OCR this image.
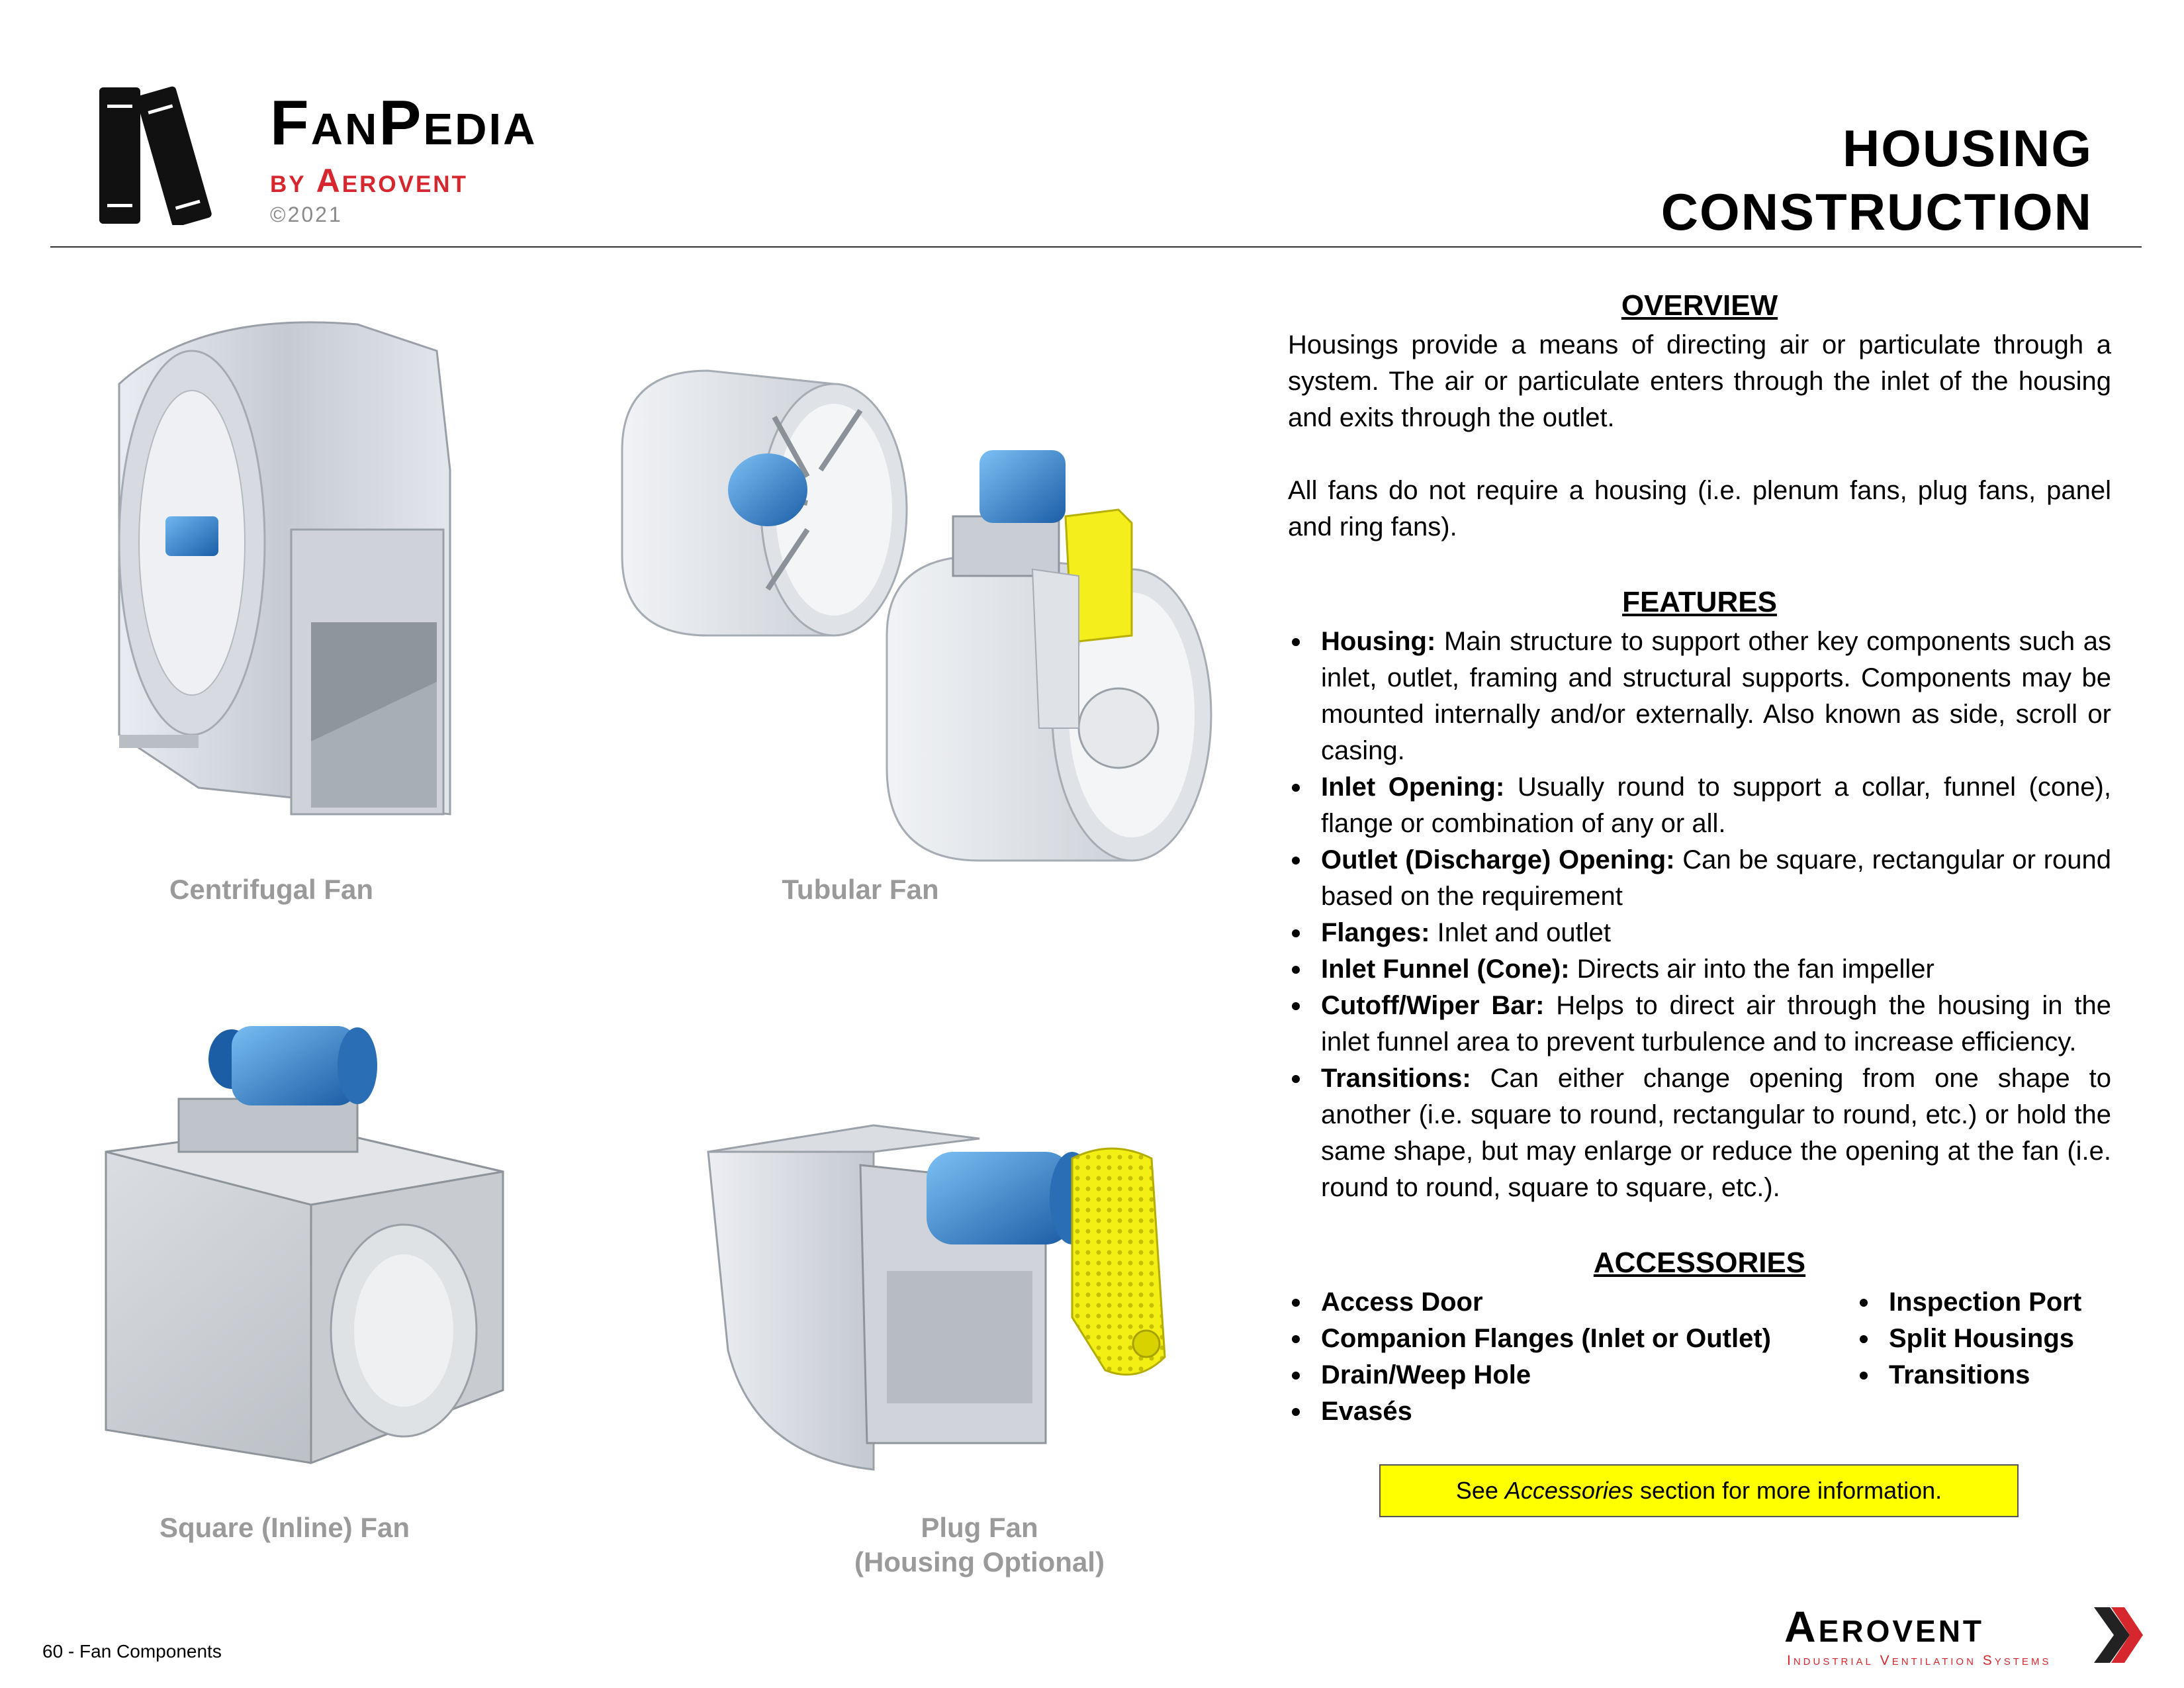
FanPedia
by Aerovent
©2021
HOUSING
CONSTRUCTION
Centrifugal Fan	Tubular Fan
Square (Inline) Fan	Plug Fan
(Housing Optional)
OVERVIEW
Housings provide a means of directing air or particulate through a system. The air or particulate enters through the inlet of the housing and exits through the outlet.
All fans do not require a housing (i.e. plenum fans, plug fans, panel and ring fans).
FEATURES
Housing: Main structure to support other key components such as inlet, outlet, framing and structural supports. Components may be mounted internally and/or externally. Also known as side, scroll or casing.
Inlet Opening: Usually round to support a collar, funnel (cone), flange or combination of any or all.
Outlet (Discharge) Opening: Can be square, rectangular or round based on the requirement
Flanges: Inlet and outlet
Inlet Funnel (Cone): Directs air into the fan impeller
Cutoff/Wiper Bar: Helps to direct air through the housing in the inlet funnel area to prevent turbulence and to increase efficiency.
Transitions: Can either change opening from one shape to another (i.e. square to round, rectangular to round, etc.) or hold the same shape, but may enlarge or reduce the opening at the fan (i.e. round to round, square to square, etc.).
ACCESSORIES
Access Door
Companion Flanges (Inlet or Outlet)
Drain/Weep Hole
Evasés
Inspection Port
Split Housings
Transitions
See Accessories section for more information.
60 - Fan Components
Aerovent
Industrial Ventilation Systems
